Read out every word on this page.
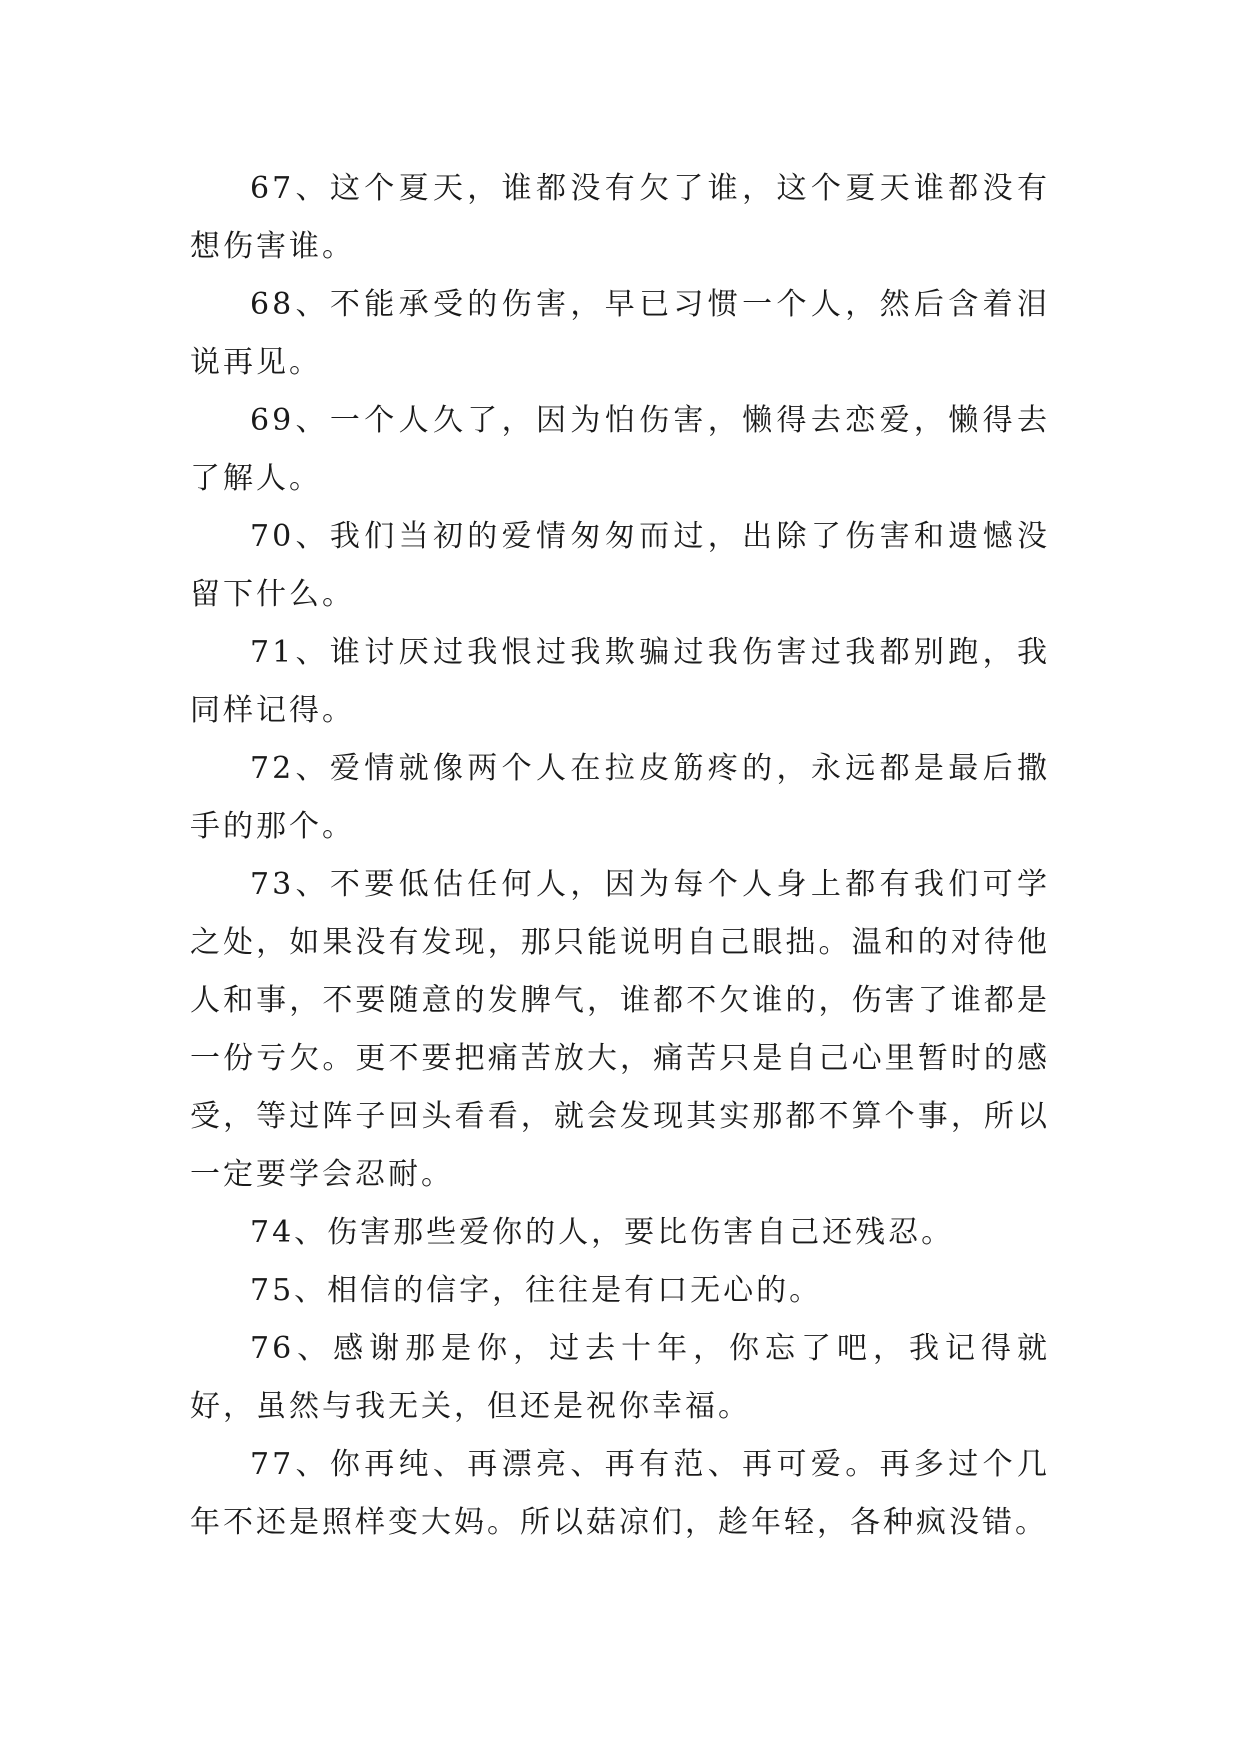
67、这个夏天，谁都没有欠了谁，这个夏天谁都没有想伤害谁。

68、不能承受的伤害，早已习惯一个人，然后含着泪说再见。

69、一个人久了，因为怕伤害，懒得去恋爱，懒得去了解人。

70、我们当初的爱情匆匆而过，出除了伤害和遗憾没留下什么。

71、谁讨厌过我恨过我欺骗过我伤害过我都别跑，我同样记得。

72、爱情就像两个人在拉皮筋疼的，永远都是最后撒手的那个。

73、不要低估任何人，因为每个人身上都有我们可学之处，如果没有发现，那只能说明自己眼拙。温和的对待他人和事，不要随意的发脾气，谁都不欠谁的，伤害了谁都是一份亏欠。更不要把痛苦放大，痛苦只是自己心里暂时的感受，等过阵子回头看看，就会发现其实那都不算个事，所以一定要学会忍耐。

74、伤害那些爱你的人，要比伤害自己还残忍。

75、相信的信字，往往是有口无心的。

76、感谢那是你，过去十年，你忘了吧，我记得就好，虽然与我无关，但还是祝你幸福。

77、你再纯、再漂亮、再有范、再可爱。再多过个几年不还是照样变大妈。所以菇凉们，趁年轻，各种疯没错。
